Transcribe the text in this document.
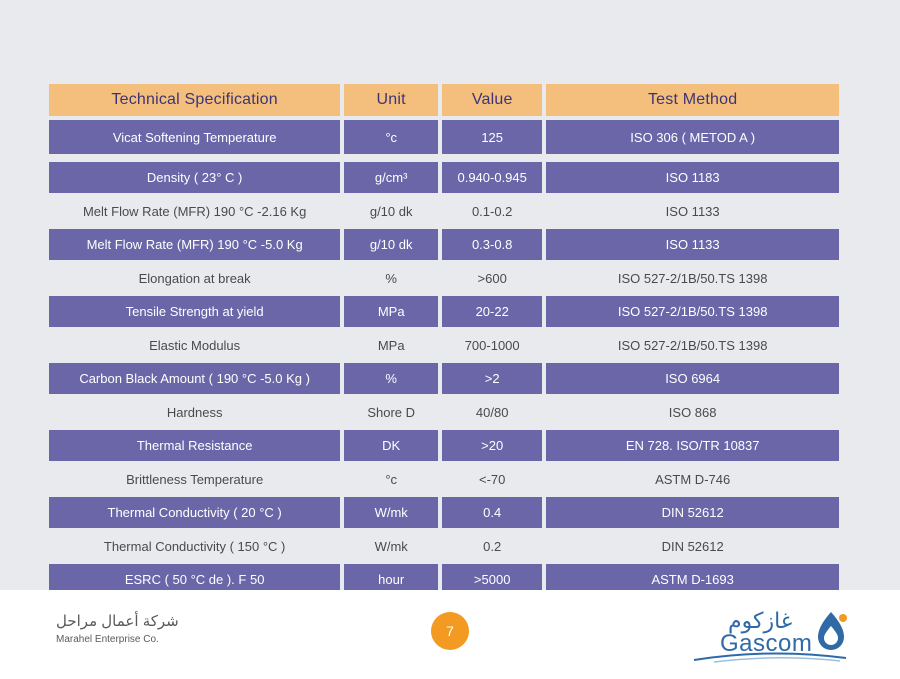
Technical Specification	Unit	Value	Test Method
Vicat Softening Temperature	°c	125	ISO 306 ( METOD A )

Density ( 23° C )	g/cm³	0.940-0.945	ISO 1183
Melt Flow Rate (MFR) 190 °C -2.16 Kg	g/10 dk	0.1-0.2	ISO 1133
Melt Flow Rate (MFR) 190 °C -5.0 Kg	g/10 dk	0.3-0.8	ISO 1133
Elongation at break	%	>600	ISO 527-2/1B/50.TS 1398
Tensile Strength at yield	MPa	20-22	ISO 527-2/1B/50.TS 1398
Elastic Modulus	MPa	700-1000	ISO 527-2/1B/50.TS 1398
Carbon Black Amount ( 190 °C -5.0 Kg )	%	>2	ISO 6964
Hardness	Shore D	40/80	ISO 868
Thermal Resistance	DK	>20	EN 728. ISO/TR 10837
Brittleness Temperature	°c	<-70	ASTM D-746
Thermal Conductivity ( 20 °C )	W/mk	0.4	DIN 52612
Thermal Conductivity ( 150 °C )	W/mk	0.2	DIN 52612
ESRC ( 50 °C de ). F 50	hour	>5000	ASTM D-1693
شركة أعمال مراحل
Marahel Enterprise Co.
7	غازكوم
Gascom
